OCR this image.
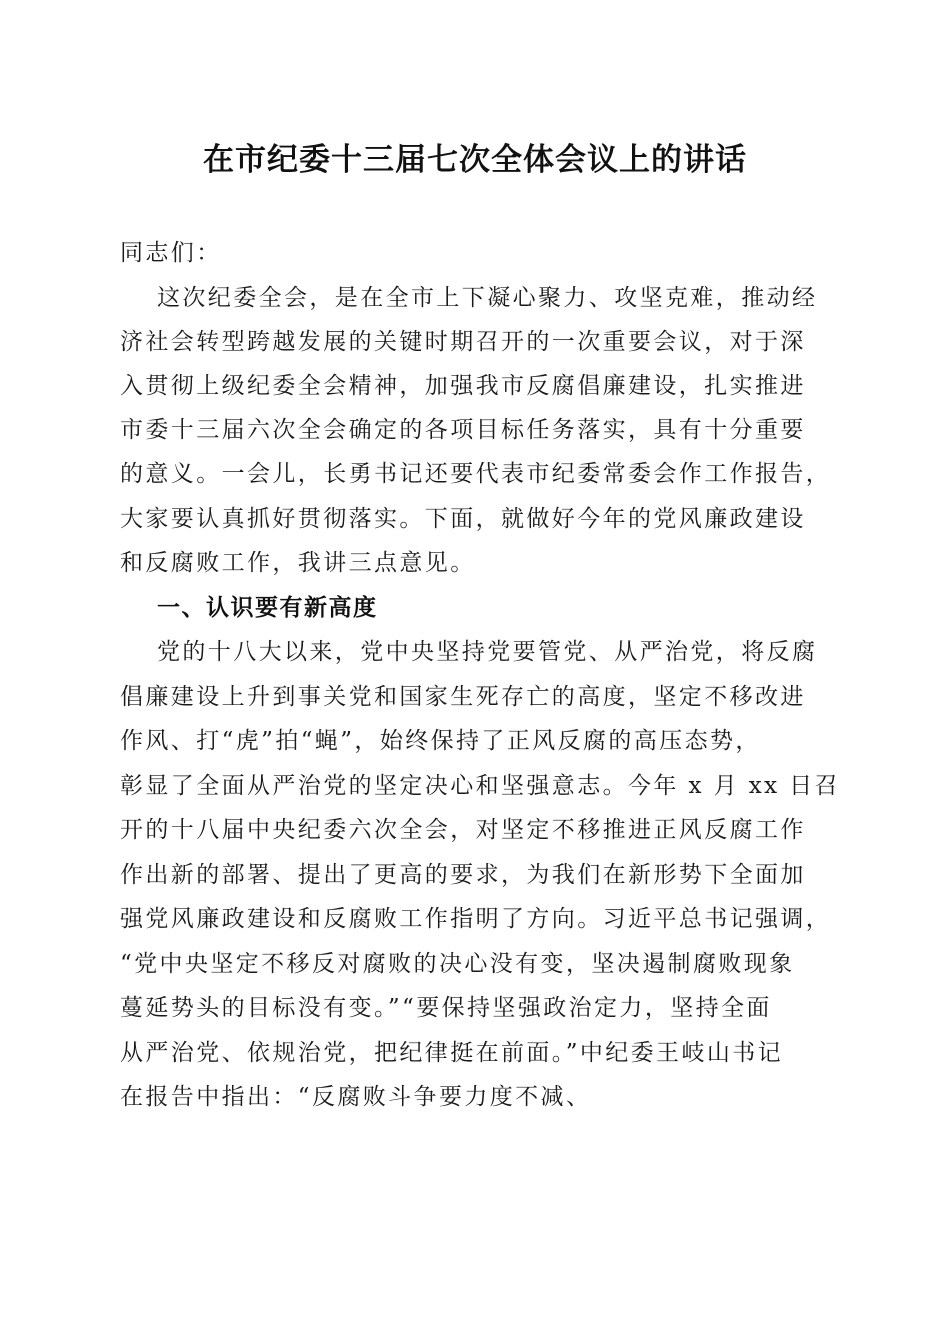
在市纪委十三届七次全体会议上的讲话

同志们：

这次纪委全会，是在全市上下凝心聚力、攻坚克难，推动经

济社会转型跨越发展的关键时期召开的一次重要会议，对于深

入贯彻上级纪委全会精神，加强我市反腐倡廉建设，扎实推进

市委十三届六次全会确定的各项目标任务落实，具有十分重要

的意义。一会儿，长勇书记还要代表市纪委常委会作工作报告，

大家要认真抓好贯彻落实。下面，就做好今年的党风廉政建设

和反腐败工作，我讲三点意见。

一、认识要有新高度

党的十八大以来，党中央坚持党要管党、从严治党，将反腐

倡廉建设上升到事关党和国家生死存亡的高度，坚定不移改进

作风、打“虎”拍“蝇”，始终保持了正风反腐的高压态势，

彰显了全面从严治党的坚定决心和坚强意志。今年 x 月 xx 日召

开的十八届中央纪委六次全会，对坚定不移推进正风反腐工作

作出新的部署、提出了更高的要求，为我们在新形势下全面加

强党风廉政建设和反腐败工作指明了方向。习近平总书记强调，

“党中央坚定不移反对腐败的决心没有变，坚决遏制腐败现象

蔓延势头的目标没有变。”“要保持坚强政治定力，坚持全面

从严治党、依规治党，把纪律挺在前面。”中纪委王岐山书记

在报告中指出：“反腐败斗争要力度不减、
